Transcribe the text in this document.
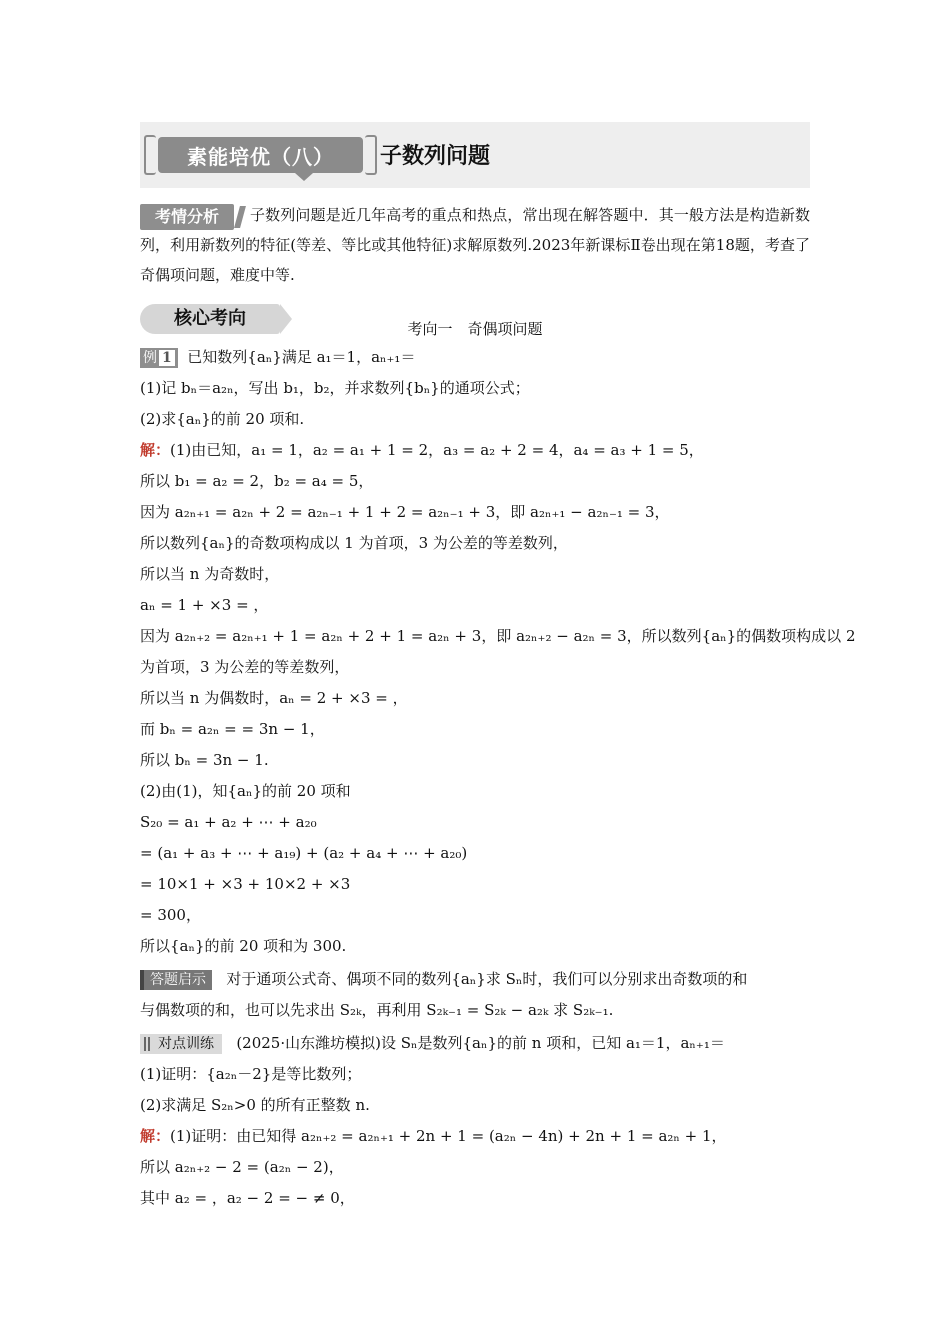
素能培优（八）	子数列问题
考情分析	子数列问题是近几年高考的重点和热点，常出现在解答题中．其一般方法是构造新数列，利用新数列的特征(等差、等比或其他特征)求解原数列.2023年新课标Ⅱ卷出现在第18题，考查了奇偶项问题，难度中等.
核心考向	考向一　奇偶项问题
例 1 已知数列{aₙ}满足 a₁＝1，aₙ₊₁＝
(1)记 bₙ＝a₂ₙ，写出 b₁，b₂，并求数列{bₙ}的通项公式；
(2)求{aₙ}的前 20 项和.
解：(1)由已知，a₁ = 1，a₂ = a₁ + 1 = 2，a₃ = a₂ + 2 = 4，a₄ = a₃ + 1 = 5，
所以 b₁ = a₂ = 2，b₂ = a₄ = 5，
因为 a₂ₙ₊₁ = a₂ₙ + 2 = a₂ₙ₋₁ + 1 + 2 = a₂ₙ₋₁ + 3，即 a₂ₙ₊₁ − a₂ₙ₋₁ = 3，
所以数列{aₙ}的奇数项构成以 1 为首项，3 为公差的等差数列，
所以当 n 为奇数时，
aₙ = 1 + ×3 = ，
因为 a₂ₙ₊₂ = a₂ₙ₊₁ + 1 = a₂ₙ + 2 + 1 = a₂ₙ + 3，即 a₂ₙ₊₂ − a₂ₙ = 3，所以数列{aₙ}的偶数项构成以 2
为首项，3 为公差的等差数列，
所以当 n 为偶数时，aₙ = 2 + ×3 = ，
而 bₙ = a₂ₙ = = 3n − 1，
所以 bₙ = 3n − 1.
(2)由(1)，知{aₙ}的前 20 项和
S₂₀ = a₁ + a₂ + ⋯ + a₂₀
= (a₁ + a₃ + ⋯ + a₁₉) + (a₂ + a₄ + ⋯ + a₂₀)
= 10×1 + ×3 + 10×2 + ×3
= 300，
所以{aₙ}的前 20 项和为 300.
答题启示 对于通项公式奇、偶项不同的数列{aₙ}求 Sₙ时，我们可以分别求出奇数项的和
与偶数项的和，也可以先求出 S₂ₖ，再利用 S₂ₖ₋₁ = S₂ₖ − a₂ₖ 求 S₂ₖ₋₁.
对点训练 (2025·山东潍坊模拟)设 Sₙ是数列{aₙ}的前 n 项和，已知 a₁＝1，aₙ₊₁＝
(1)证明：{a₂ₙ－2}是等比数列；
(2)求满足 S₂ₙ>0 的所有正整数 n.
解：(1)证明：由已知得 a₂ₙ₊₂ = a₂ₙ₊₁ + 2n + 1 = (a₂ₙ − 4n) + 2n + 1 = a₂ₙ + 1，
所以 a₂ₙ₊₂ − 2 = (a₂ₙ − 2)，
其中 a₂ = ，a₂ − 2 = − ≠ 0，
